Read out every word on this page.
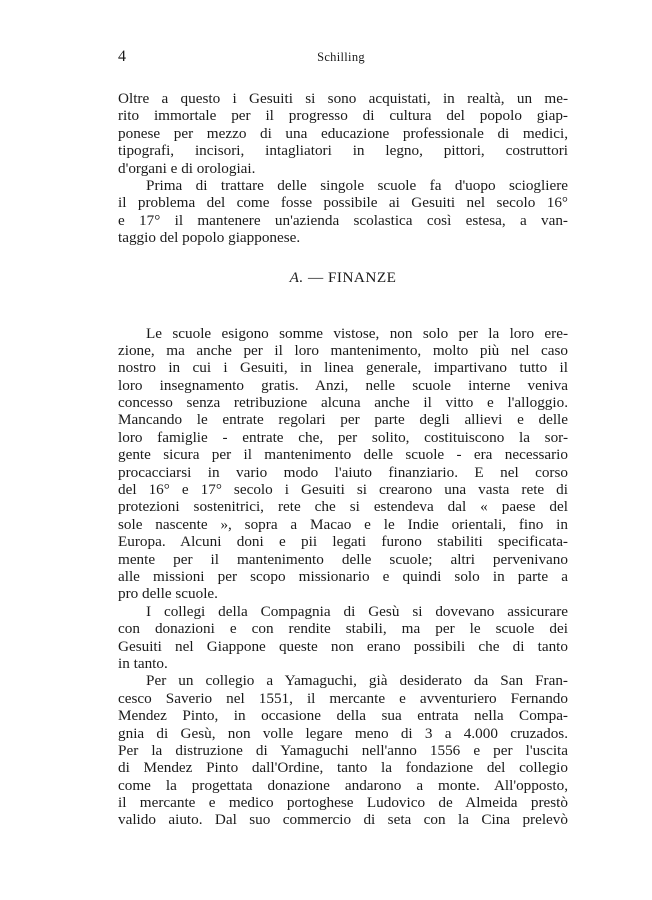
4	Schilling
Oltre a questo i Gesuiti si sono acquistati, in realtà, un me-
rito immortale per il progresso di cultura del popolo giap-
ponese per mezzo di una educazione professionale di medici,
tipografi, incisori, intagliatori in legno, pittori, costruttori
d'organi e di orologiai.
Prima di trattare delle singole scuole fa d'uopo sciogliere
il problema del come fosse possibile ai Gesuiti nel secolo 16°
e 17° il mantenere un'azienda scolastica così estesa, a van-
taggio del popolo giapponese.
A. — FINANZE
Le scuole esigono somme vistose, non solo per la loro ere-
zione, ma anche per il loro mantenimento, molto più nel caso
nostro in cui i Gesuiti, in linea generale, impartivano tutto il
loro insegnamento gratis. Anzi, nelle scuole interne veniva
concesso senza retribuzione alcuna anche il vitto e l'alloggio.
Mancando le entrate regolari per parte degli allievi e delle
loro famiglie - entrate che, per solito, costituiscono la sor-
gente sicura per il mantenimento delle scuole - era necessario
procacciarsi in vario modo l'aiuto finanziario. E nel corso
del 16° e 17° secolo i Gesuiti si crearono una vasta rete di
protezioni sostenitrici, rete che si estendeva dal « paese del
sole nascente », sopra a Macao e le Indie orientali, fino in
Europa. Alcuni doni e pii legati furono stabiliti specificata-
mente per il mantenimento delle scuole; altri pervenivano
alle missioni per scopo missionario e quindi solo in parte a
pro delle scuole.
I collegi della Compagnia di Gesù si dovevano assicurare
con donazioni e con rendite stabili, ma per le scuole dei
Gesuiti nel Giappone queste non erano possibili che di tanto
in tanto.
Per un collegio a Yamaguchi, già desiderato da San Fran-
cesco Saverio nel 1551, il mercante e avventuriero Fernando
Mendez Pinto, in occasione della sua entrata nella Compa-
gnia di Gesù, non volle legare meno di 3 a 4.000 cruzados.
Per la distruzione di Yamaguchi nell'anno 1556 e per l'uscita
di Mendez Pinto dall'Ordine, tanto la fondazione del collegio
come la progettata donazione andarono a monte. All'opposto,
il mercante e medico portoghese Ludovico de Almeida prestò
valido aiuto. Dal suo commercio di seta con la Cina prelevò
